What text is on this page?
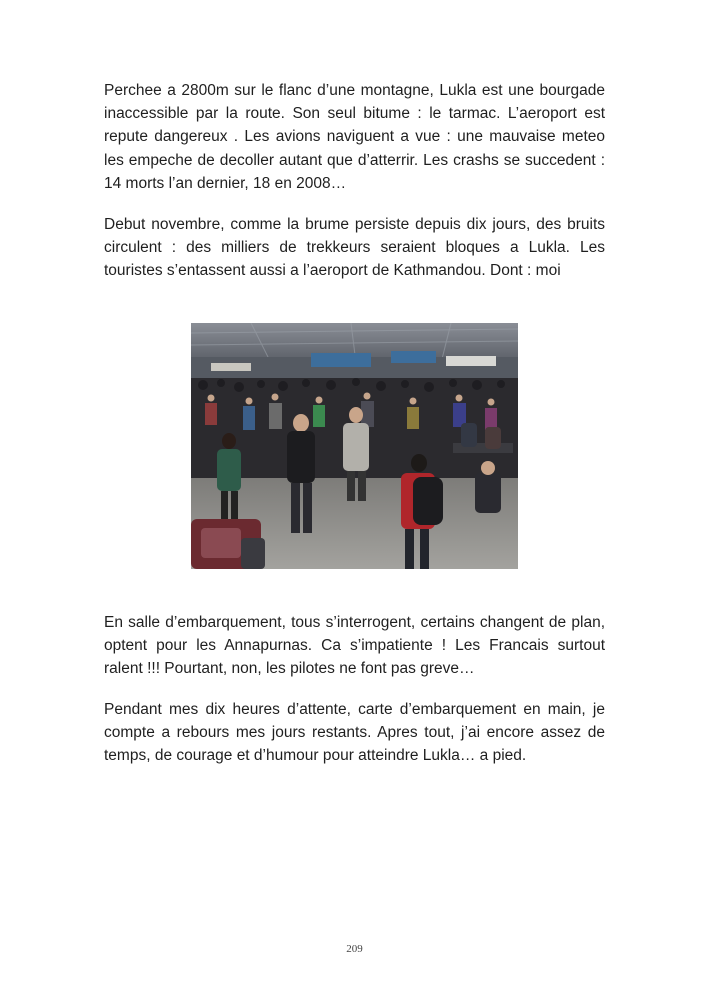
Perchee a 2800m sur le flanc d’une montagne, Lukla est une bourgade inaccessible par la route. Son seul bitume : le tarmac. L’aeroport est repute dangereux . Les avions naviguent a vue : une mauvaise meteo les empeche de decoller autant que d’atterrir. Les crashs se succedent : 14 morts l’an dernier, 18 en 2008…

Debut novembre, comme la brume persiste depuis dix jours, des bruits circulent : des milliers de trekkeurs seraient bloques a Lukla. Les touristes s’entassent aussi a l’aeroport de Kathmandou. Dont : moi

En salle d’embarquement, tous s’interrogent, certains changent de plan, optent pour les Annapurnas. Ca s’impatiente ! Les Francais surtout ralent !!! Pourtant, non, les pilotes ne font pas greve…

Pendant mes dix heures d’attente, carte d’embarquement en main, je compte a rebours mes jours restants. Apres tout, j’ai encore assez de temps, de courage et d’humour pour atteindre Lukla… a pied.

209
